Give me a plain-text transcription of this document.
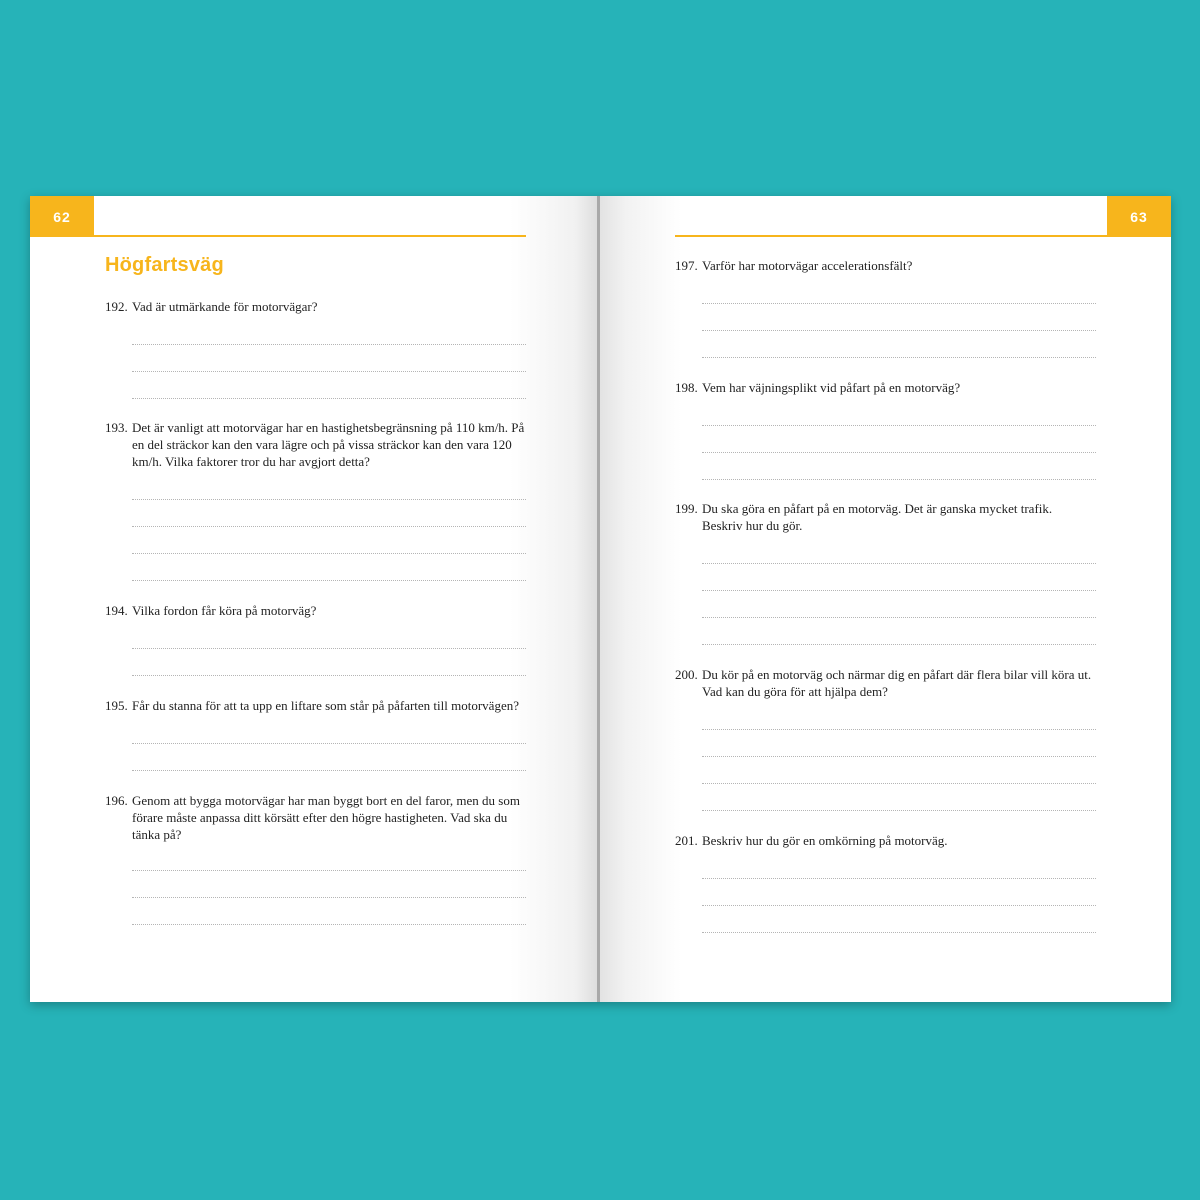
62
Högfartsväg
192. Vad är utmärkande för motorvägar?
193. Det är vanligt att motorvägar har en hastighetsbegränsning på 110 km/h. På en del sträckor kan den vara lägre och på vissa sträckor kan den vara 120 km/h. Vilka faktorer tror du har avgjort detta?
194. Vilka fordon får köra på motorväg?
195. Får du stanna för att ta upp en liftare som står på påfarten till motorvägen?
196. Genom att bygga motorvägar har man byggt bort en del faror, men du som förare måste anpassa ditt körsätt efter den högre hastigheten. Vad ska du tänka på?
63
197. Varför har motorvägar accelerationsfält?
198. Vem har väjningsplikt vid påfart på en motorväg?
199. Du ska göra en påfart på en motorväg. Det är ganska mycket trafik. Beskriv hur du gör.
200. Du kör på en motorväg och närmar dig en påfart där flera bilar vill köra ut. Vad kan du göra för att hjälpa dem?
201. Beskriv hur du gör en omkörning på motorväg.
